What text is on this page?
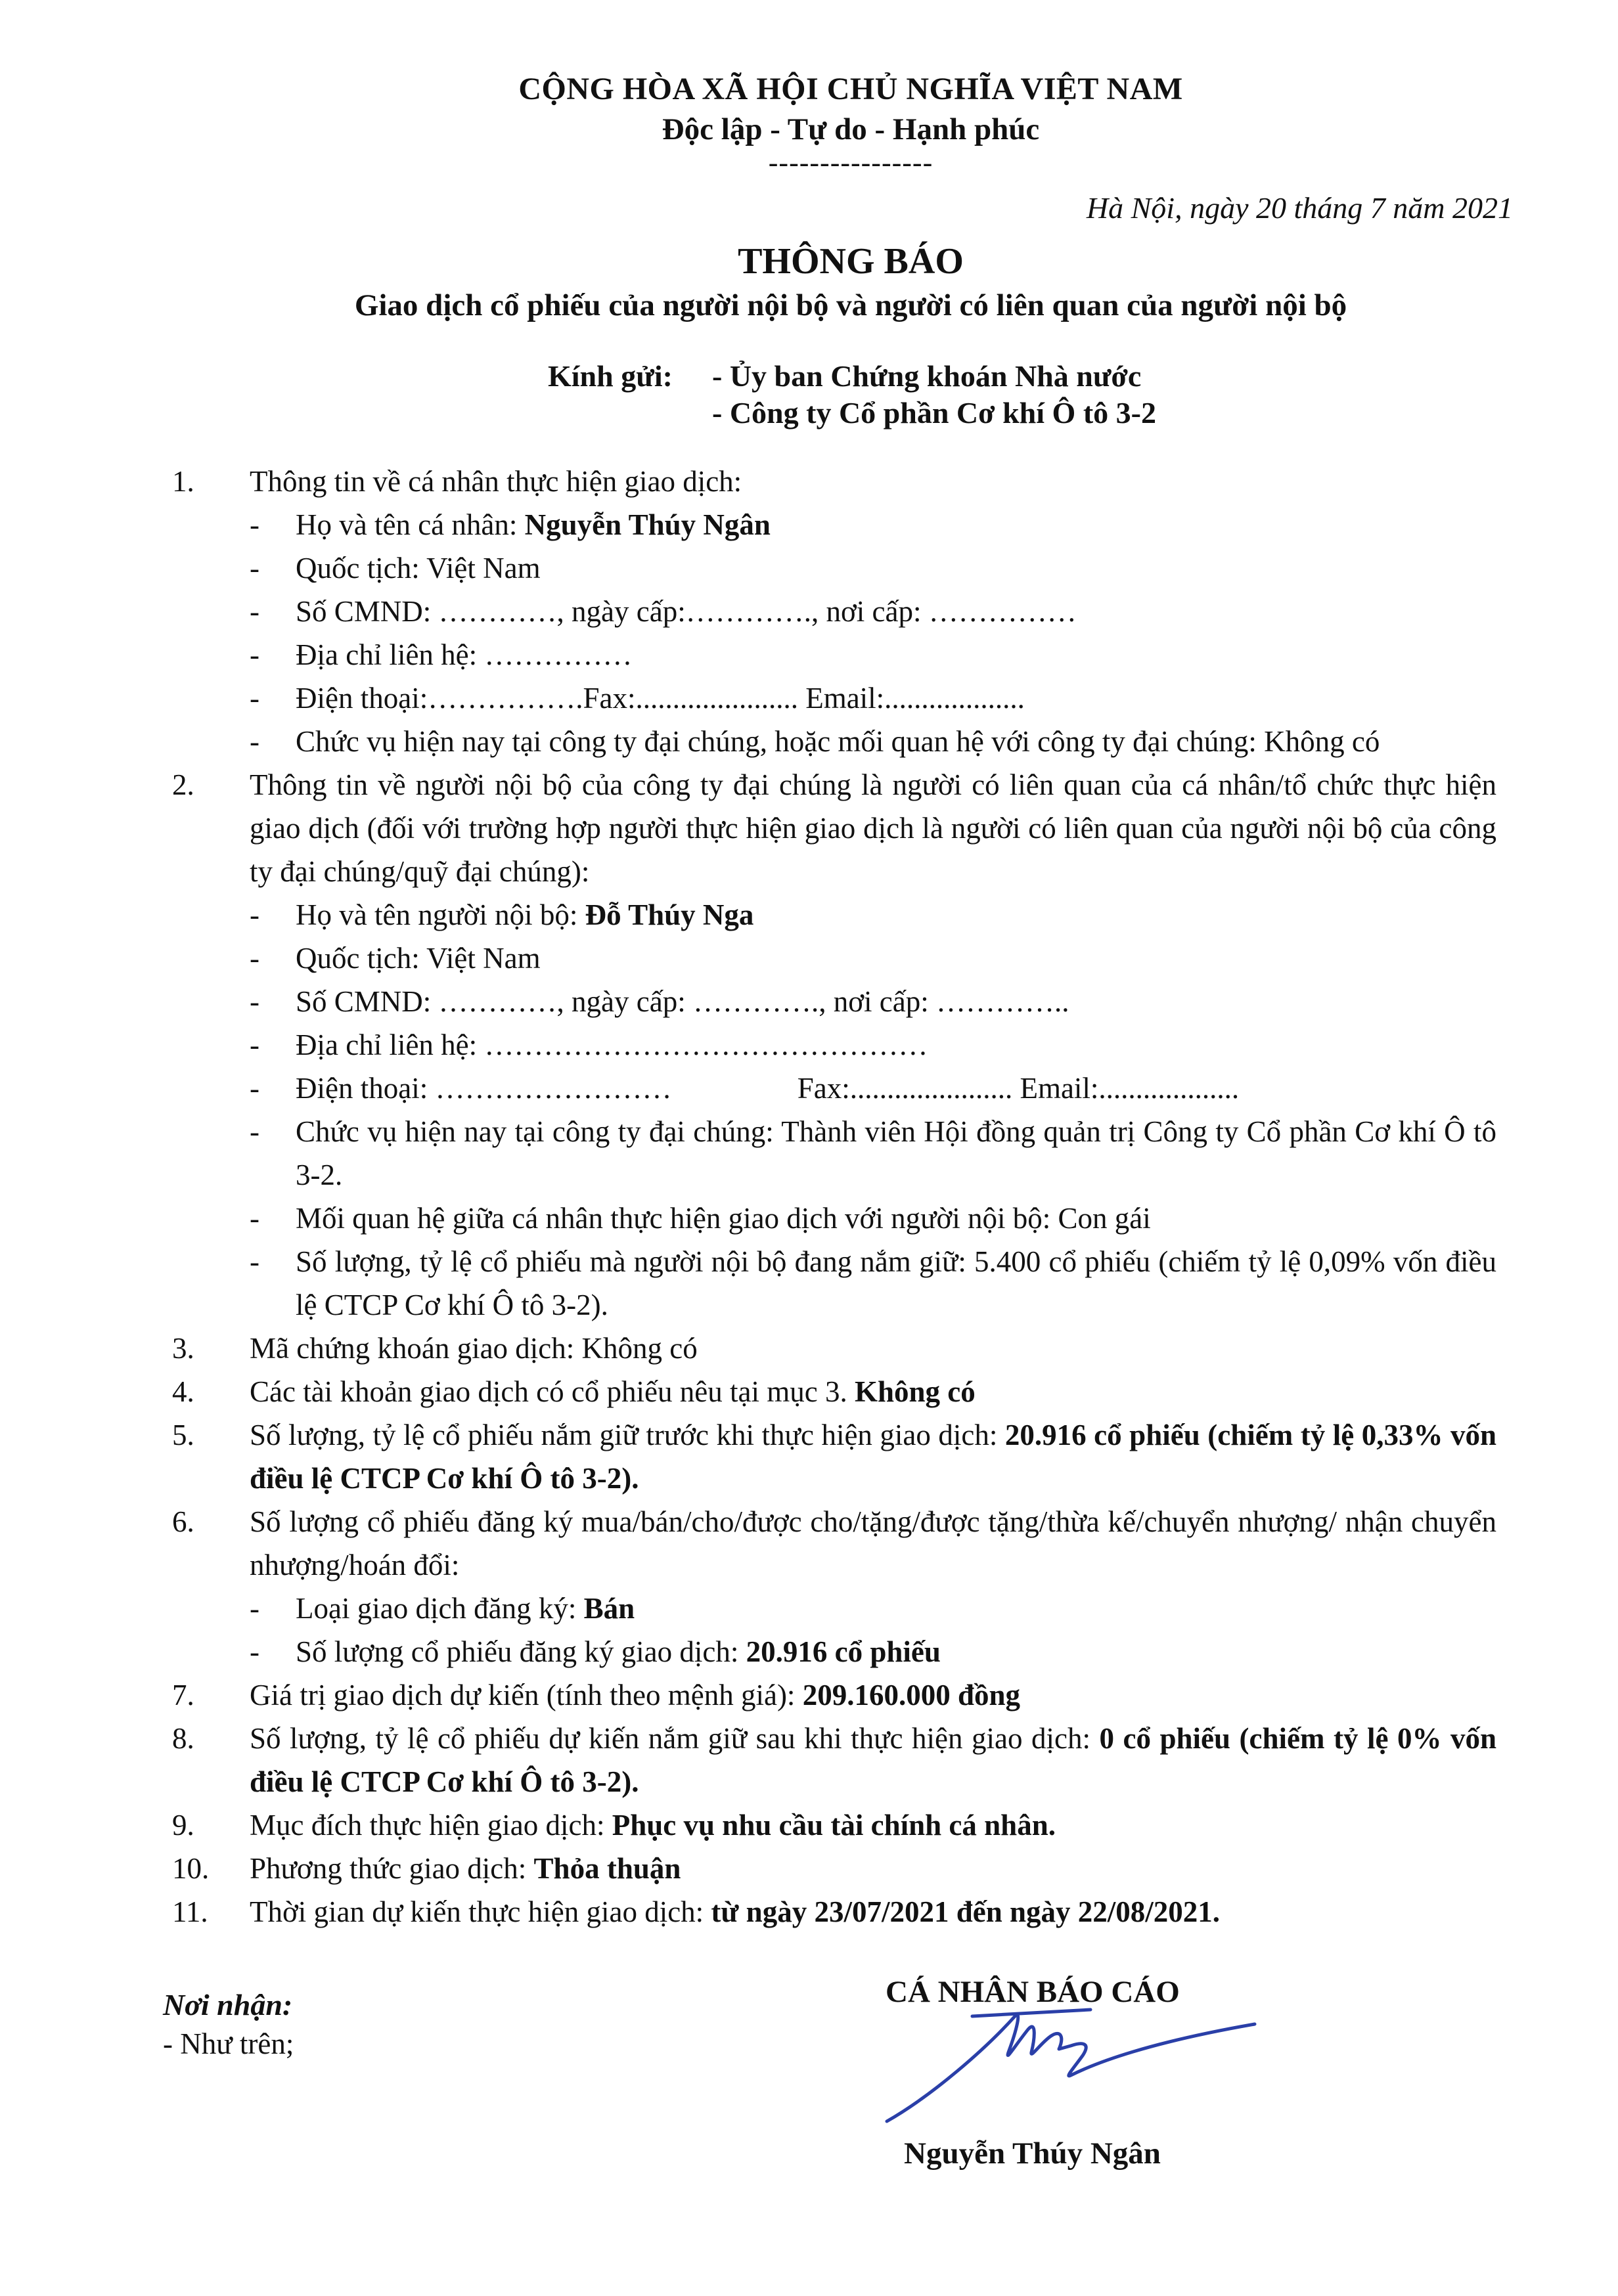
CỘNG HÒA XÃ HỘI CHỦ NGHĨA VIỆT NAM
Độc lập - Tự do - Hạnh phúc
----------------
Hà Nội, ngày 20 tháng 7 năm 2021
THÔNG BÁO
Giao dịch cổ phiếu của người nội bộ và người có liên quan của người nội bộ
Kính gửi: - Ủy ban Chứng khoán Nhà nước
- Công ty Cổ phần Cơ khí Ô tô 3-2
1.	Thông tin về cá nhân thực hiện giao dịch:
- Họ và tên cá nhân: Nguyễn Thúy Ngân
- Quốc tịch: Việt Nam
- Số CMND: …………, ngày cấp:…………., nơi cấp: ……………
- Địa chỉ liên hệ: ……………
- Điện thoại:…………….Fax:...................... Email:...................
- Chức vụ hiện nay tại công ty đại chúng, hoặc mối quan hệ với công ty đại chúng: Không có
2.	Thông tin về người nội bộ của công ty đại chúng là người có liên quan của cá nhân/tổ chức thực hiện giao dịch (đối với trường hợp người thực hiện giao dịch là người có liên quan của người nội bộ của công ty đại chúng/quỹ đại chúng):
- Họ và tên người nội bộ: Đỗ Thúy Nga
- Quốc tịch: Việt Nam
- Số CMND: …………, ngày cấp: …………., nơi cấp: …………..
- Địa chỉ liên hệ: ………………………………………
- Điện thoại: ……………………                 Fax:...................... Email:...................
- Chức vụ hiện nay tại công ty đại chúng: Thành viên Hội đồng quản trị Công ty Cổ phần Cơ khí Ô tô 3-2.
- Mối quan hệ giữa cá nhân thực hiện giao dịch với người nội bộ: Con gái
- Số lượng, tỷ lệ cổ phiếu mà người nội bộ đang nắm giữ: 5.400 cổ phiếu (chiếm tỷ lệ 0,09% vốn điều lệ CTCP Cơ khí Ô tô 3-2).
3.	Mã chứng khoán giao dịch: Không có
4.	Các tài khoản giao dịch có cổ phiếu nêu tại mục 3. Không có
5.	Số lượng, tỷ lệ cổ phiếu nắm giữ trước khi thực hiện giao dịch: 20.916 cổ phiếu (chiếm tỷ lệ 0,33% vốn điều lệ CTCP Cơ khí Ô tô 3-2).
6.	Số lượng cổ phiếu đăng ký mua/bán/cho/được cho/tặng/được tặng/thừa kế/chuyển nhượng/ nhận chuyển nhượng/hoán đổi:
- Loại giao dịch đăng ký: Bán
- Số lượng cổ phiếu đăng ký giao dịch: 20.916 cổ phiếu
7.	Giá trị giao dịch dự kiến (tính theo mệnh giá): 209.160.000 đồng
8.	Số lượng, tỷ lệ cổ phiếu dự kiến nắm giữ sau khi thực hiện giao dịch: 0 cổ phiếu (chiếm tỷ lệ 0% vốn điều lệ CTCP Cơ khí Ô tô 3-2).
9.	Mục đích thực hiện giao dịch: Phục vụ nhu cầu tài chính cá nhân.
10.	Phương thức giao dịch: Thỏa thuận
11.	Thời gian dự kiến thực hiện giao dịch: từ ngày 23/07/2021 đến ngày 22/08/2021.
Nơi nhận:
- Như trên;
CÁ NHÂN BÁO CÁO
Nguyễn Thúy Ngân
